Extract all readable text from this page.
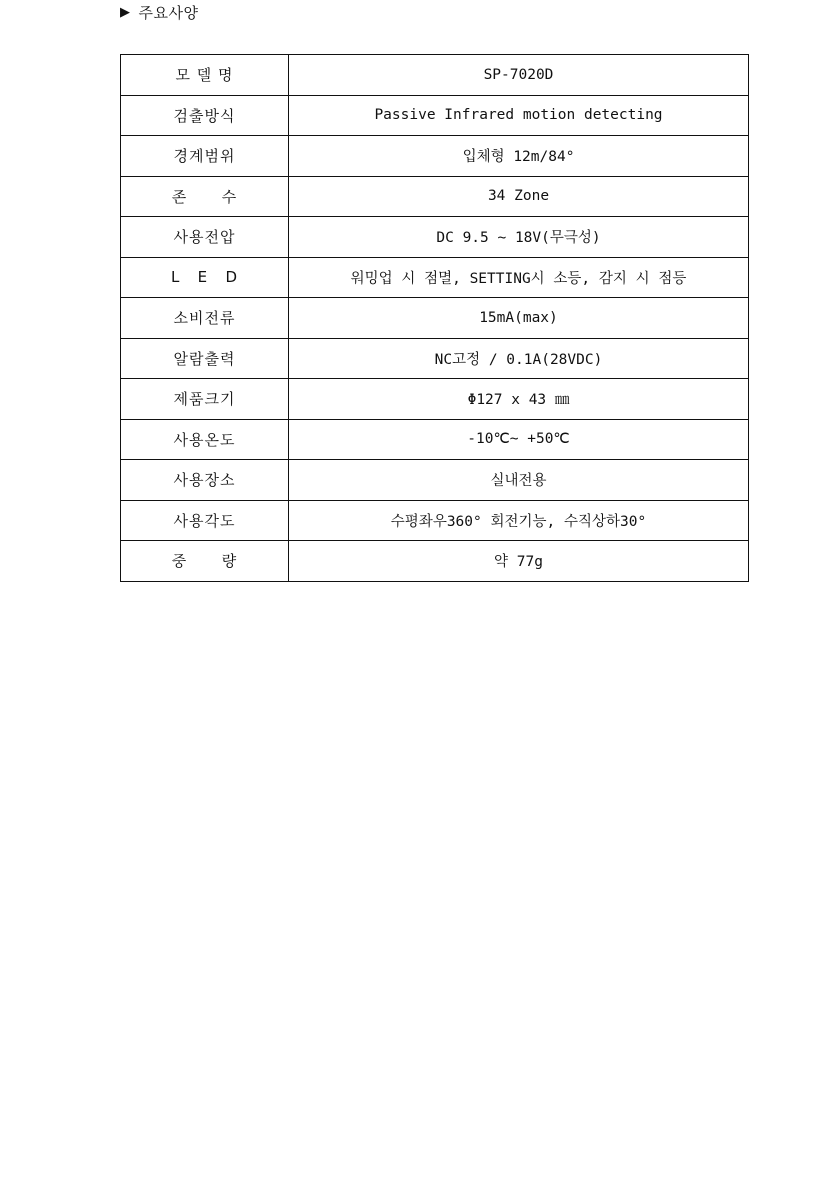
▶ 주요사양
모 델 명	SP-7020D
검출방식	Passive Infrared motion detecting
경계범위	입체형 12m/84°
존      수	34 Zone
사용전압	DC 9.5 ~ 18V(무극성)
L   E   D	워밍업 시 점멸, SETTING시 소등, 감지 시 점등
소비전류	15mA(max)
알람출력	NC고정 / 0.1A(28VDC)
제품크기	Φ127 x 43 ㎜
사용온도	-10℃~ +50℃
사용장소	실내전용
사용각도	수평좌우360° 회전기능, 수직상하30°
중      량	약 77g
